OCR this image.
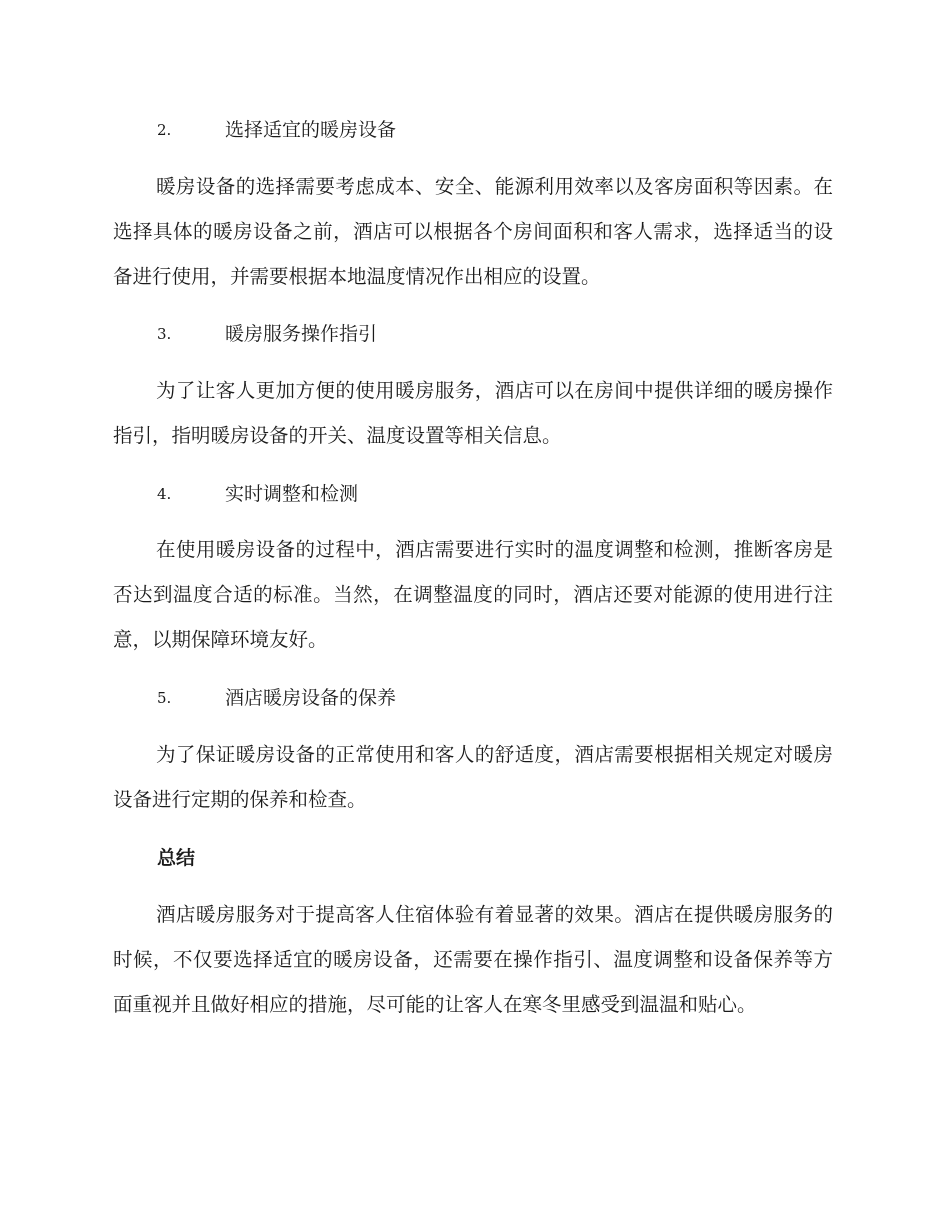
2.	选择适宜的暖房设备

暖房设备的选择需要考虑成本、安全、能源利用效率以及客房面积等因素。在选择具体的暖房设备之前，酒店可以根据各个房间面积和客人需求，选择适当的设备进行使用，并需要根据本地温度情况作出相应的设置。

3.	暖房服务操作指引

为了让客人更加方便的使用暖房服务，酒店可以在房间中提供详细的暖房操作指引，指明暖房设备的开关、温度设置等相关信息。

4.	实时调整和检测

在使用暖房设备的过程中，酒店需要进行实时的温度调整和检测，推断客房是否达到温度合适的标准。当然，在调整温度的同时，酒店还要对能源的使用进行注意，以期保障环境友好。

5.	酒店暖房设备的保养

为了保证暖房设备的正常使用和客人的舒适度，酒店需要根据相关规定对暖房设备进行定期的保养和检查。

总结

酒店暖房服务对于提高客人住宿体验有着显著的效果。酒店在提供暖房服务的时候，不仅要选择适宜的暖房设备，还需要在操作指引、温度调整和设备保养等方面重视并且做好相应的措施，尽可能的让客人在寒冬里感受到温温和贴心。
